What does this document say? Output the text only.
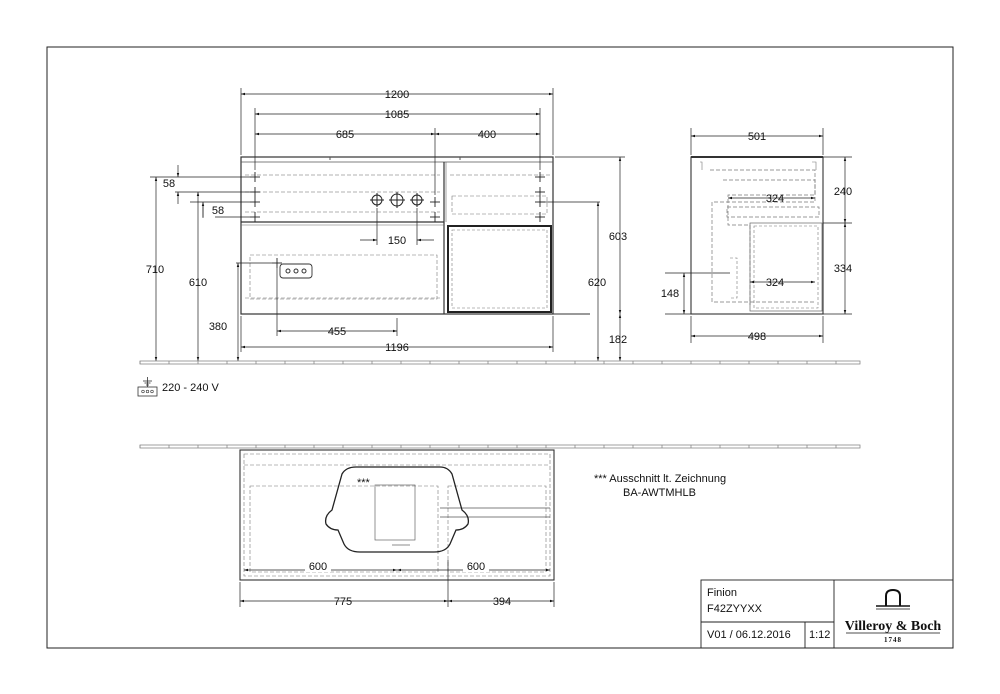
1200
1085
685	400
150
455
1196
58
58
710
610
380
603
620
182
501
498
324
324
240
334
148
220 - 240 V
***
600	600
775	394
*** Ausschnitt lt. Zeichnung
BA-AWTMHLB
Finion
F42ZYYXX
V01 / 06.12.2016 1:12
Villeroy & Boch
1748
